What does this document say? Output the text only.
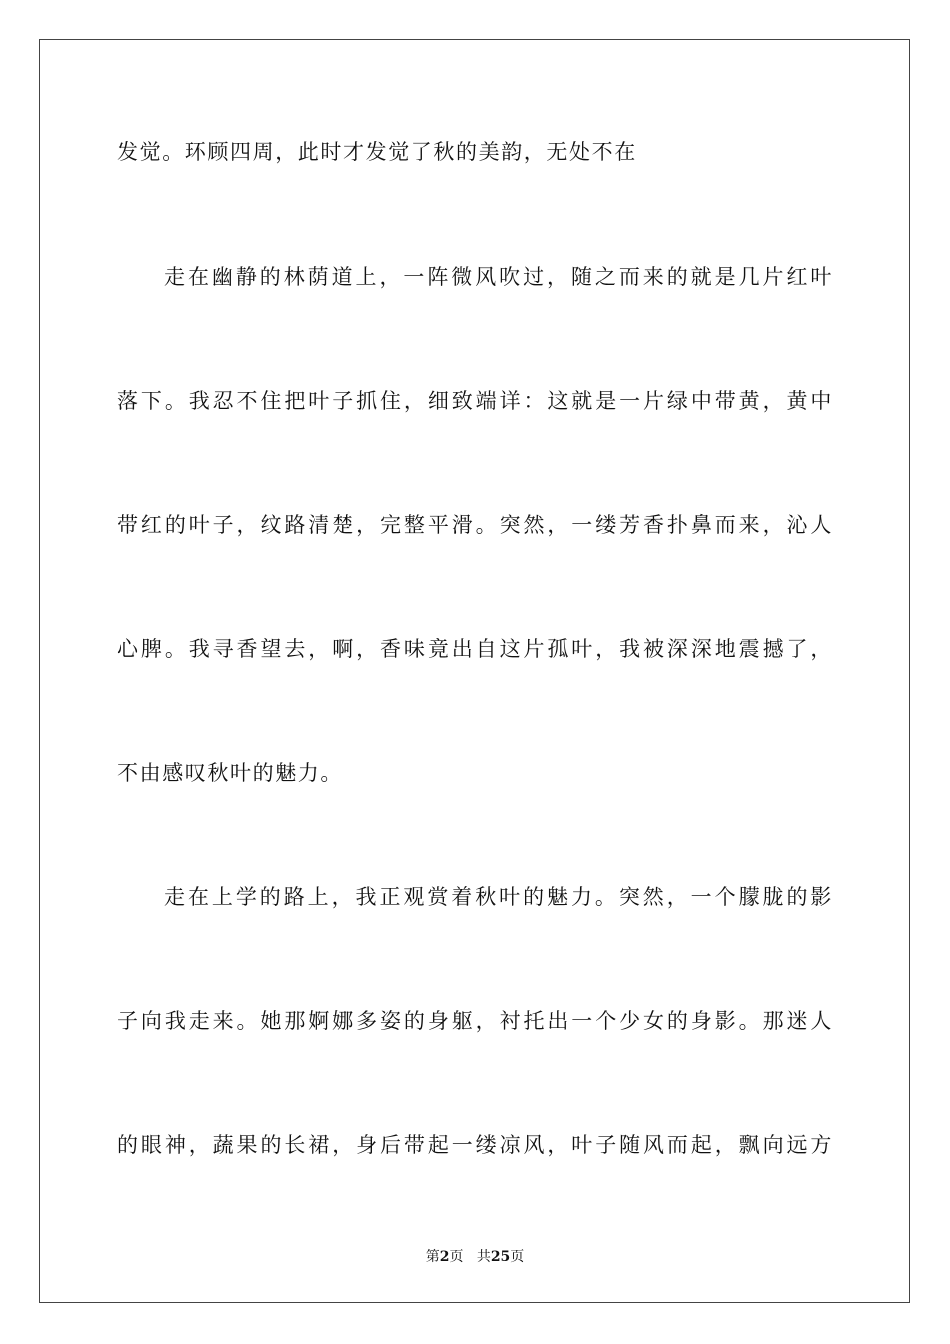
发觉。环顾四周，此时才发觉了秋的美韵，无处不在
走在幽静的林荫道上，一阵微风吹过，随之而来的就是几片红叶
落下。我忍不住把叶子抓住，细致端详：这就是一片绿中带黄，黄中
带红的叶子，纹路清楚，完整平滑。突然，一缕芳香扑鼻而来，沁人
心脾。我寻香望去，啊，香味竟出自这片孤叶，我被深深地震撼了，
不由感叹秋叶的魅力。
走在上学的路上，我正观赏着秋叶的魅力。突然，一个朦胧的影
子向我走来。她那婀娜多姿的身躯，衬托出一个少女的身影。那迷人
的眼神，蔬果的长裙，身后带起一缕凉风，叶子随风而起，飘向远方
第2页 共25页
